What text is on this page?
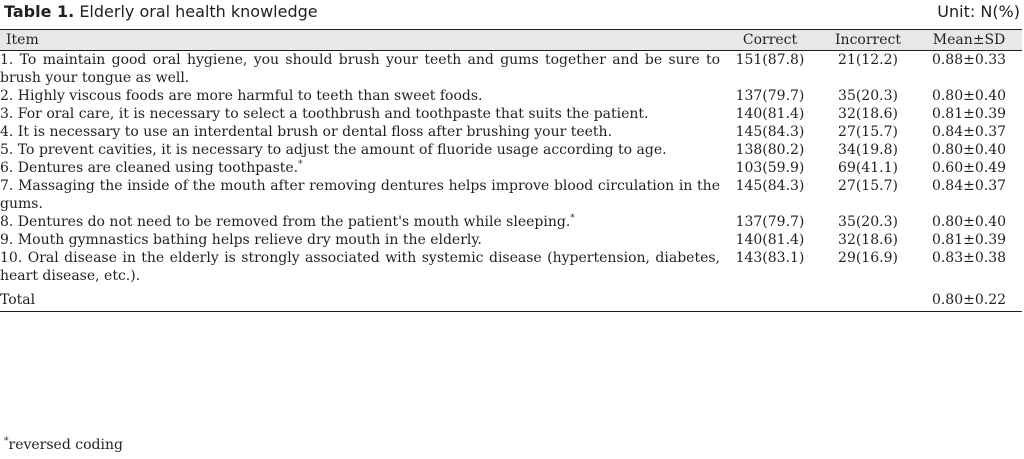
Table 1. Elderly oral health knowledge	Unit: N(%)
Item	Correct	Incorrect	Mean±SD
1. To maintain good oral hygiene, you should brush your teeth and gums together and be sure to brush your tongue as well.	151(87.8)	21(12.2)	0.88±0.33
2. Highly viscous foods are more harmful to teeth than sweet foods.	137(79.7)	35(20.3)	0.80±0.40
3. For oral care, it is necessary to select a toothbrush and toothpaste that suits the patient.	140(81.4)	32(18.6)	0.81±0.39
4. It is necessary to use an interdental brush or dental floss after brushing your teeth.	145(84.3)	27(15.7)	0.84±0.37
5. To prevent cavities, it is necessary to adjust the amount of fluoride usage according to age.	138(80.2)	34(19.8)	0.80±0.40
6. Dentures are cleaned using toothpaste.*	103(59.9)	69(41.1)	0.60±0.49
7. Massaging the inside of the mouth after removing dentures helps improve blood circulation in the gums.	145(84.3)	27(15.7)	0.84±0.37
8. Dentures do not need to be removed from the patient's mouth while sleeping.*	137(79.7)	35(20.3)	0.80±0.40
9. Mouth gymnastics bathing helps relieve dry mouth in the elderly.	140(81.4)	32(18.6)	0.81±0.39
10. Oral disease in the elderly is strongly associated with systemic disease (hypertension, diabetes, heart disease, etc.).	143(83.1)	29(16.9)	0.83±0.38
Total			0.80±0.22
*reversed coding
